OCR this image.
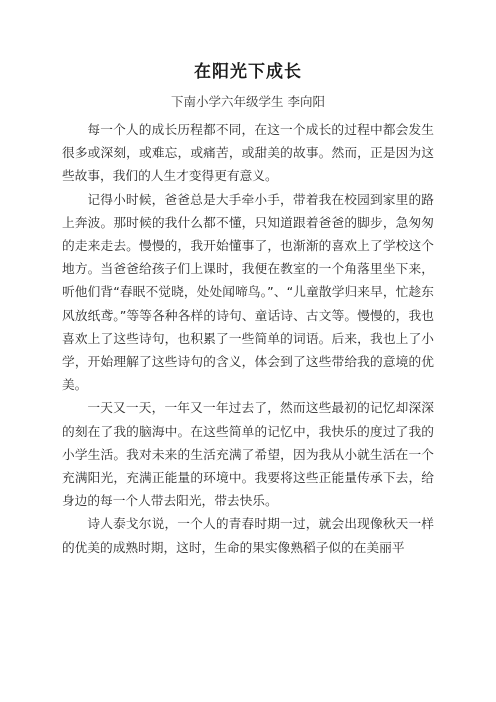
在阳光下成长
下南小学六年级学生 李向阳

每一个人的成长历程都不同，在这一个成长的过程中都会发生很多或深刻，或难忘，或痛苦，或甜美的故事。然而，正是因为这些故事，我们的人生才变得更有意义。

记得小时候，爸爸总是大手牵小手，带着我在校园到家里的路上奔波。那时候的我什么都不懂，只知道跟着爸爸的脚步，急匆匆的走来走去。慢慢的，我开始懂事了，也渐渐的喜欢上了学校这个地方。当爸爸给孩子们上课时，我便在教室的一个角落里坐下来，听他们背“春眠不觉晓，处处闻啼鸟。”、“儿童散学归来早，忙趁东风放纸鸢。”等等各种各样的诗句、童话诗、古文等。慢慢的，我也喜欢上了这些诗句，也积累了一些简单的词语。后来，我也上了小学，开始理解了这些诗句的含义，体会到了这些带给我的意境的优美。

一天又一天，一年又一年过去了，然而这些最初的记忆却深深的刻在了我的脑海中。在这些简单的记忆中，我快乐的度过了我的小学生活。我对未来的生活充满了希望，因为我从小就生活在一个充满阳光，充满正能量的环境中。我要将这些正能量传承下去，给身边的每一个人带去阳光，带去快乐。

诗人泰戈尔说，一个人的青春时期一过，就会出现像秋天一样的优美的成熟时期，这时，生命的果实像熟稻子似的在美丽平
